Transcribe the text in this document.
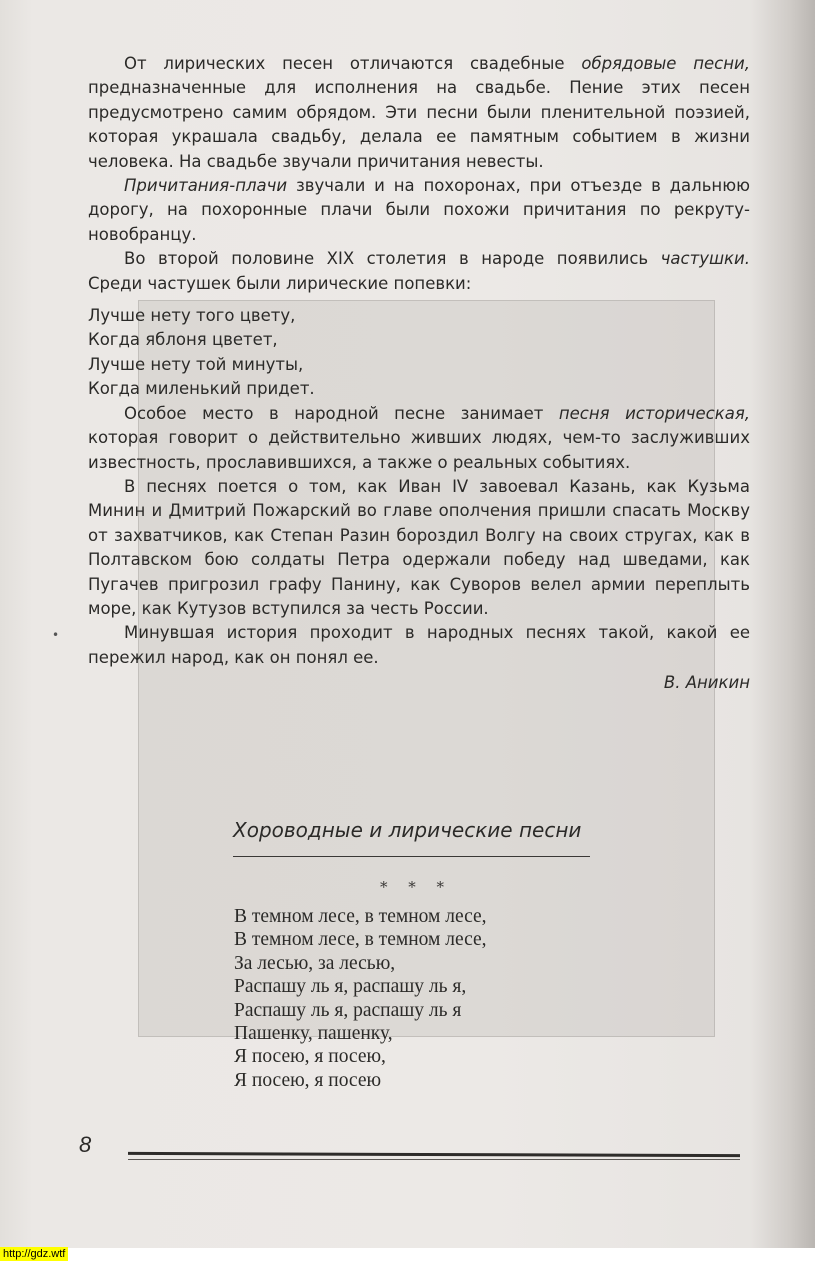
От лирических песен отличаются свадебные обрядовые песни, предназначенные для исполнения на свадьбе. Пение этих песен предусмотрено самим обрядом. Эти песни были пленительной поэзией, которая украшала свадьбу, делала ее памятным событием в жизни человека. На свадьбе звучали причитания невесты.

Причитания-плачи звучали и на похоронах, при отъезде в дальнюю дорогу, на похоронные плачи были похожи причитания по рекруту-новобранцу.

Во второй половине XIX столетия в народе появились частушки. Среди частушек были лирические попевки:

Лучше нету того цвету,
Когда яблоня цветет,
Лучше нету той минуты,
Когда миленький придет.

Особое место в народной песне занимает песня историческая, которая говорит о действительно живших людях, чем-то заслуживших известность, прославившихся, а также о реальных событиях.

В песнях поется о том, как Иван IV завоевал Казань, как Кузьма Минин и Дмитрий Пожарский во главе ополчения пришли спасать Москву от захватчиков, как Степан Разин бороздил Волгу на своих стругах, как в Полтавском бою солдаты Петра одержали победу над шведами, как Пугачев пригрозил графу Панину, как Суворов велел армии переплыть море, как Кутузов вступился за честь России.

Минувшая история проходит в народных песнях такой, какой ее пережил народ, как он понял ее.

В. Аникин

Хороводные и лирические песни
* * *
В темном лесе, в темном лесе,
В темном лесе, в темном лесе,
За лесью, за лесью,
Распашу ль я, распашу ль я,
Распашу ль я, распашу ль я
Пашенку, пашенку,
Я посею, я посею,
Я посею, я посею
•
8
http://gdz.wtf
